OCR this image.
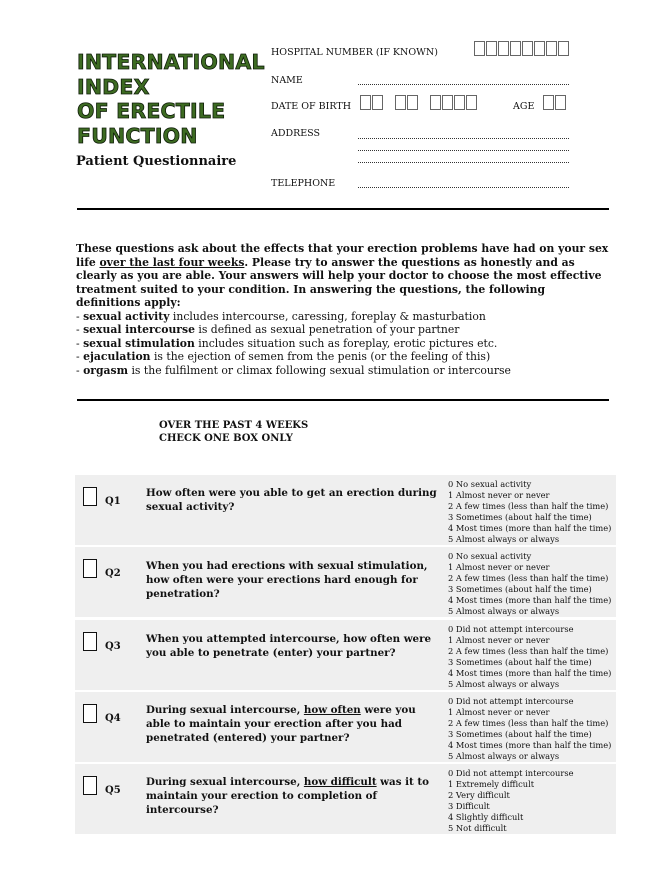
INTERNATIONAL
INDEX
OF ERECTILE
FUNCTION
Patient Questionnaire
HOSPITAL NUMBER (IF KNOWN)
NAME
DATE OF BIRTH	AGE
ADDRESS
TELEPHONE
These questions ask about the effects that your erection problems have had on your sex life over the last four weeks. Please try to answer the questions as honestly and as clearly as you are able. Your answers will help your doctor to choose the most effective treatment suited to your condition. In answering the questions, the following definitions apply:
- sexual activity includes intercourse, caressing, foreplay & masturbation
- sexual intercourse is defined as sexual penetration of your partner
- sexual stimulation includes situation such as foreplay, erotic pictures etc.
- ejaculation is the ejection of semen from the penis (or the feeling of this)
- orgasm is the fulfilment or climax following sexual stimulation or intercourse
OVER THE PAST 4 WEEKS
CHECK ONE BOX ONLY
Q1
How often were you able to get an erection during sexual activity?
0 No sexual activity
1 Almost never or never
2 A few times (less than half the time)
3 Sometimes (about half the time)
4 Most times (more than half the time)
5 Almost always or always
Q2
When you had erections with sexual stimulation, how often were your erections hard enough for penetration?
0 No sexual activity
1 Almost never or never
2 A few times (less than half the time)
3 Sometimes (about half the time)
4 Most times (more than half the time)
5 Almost always or always
Q3
When you attempted intercourse, how often were you able to penetrate (enter) your partner?
0 Did not attempt intercourse
1 Almost never or never
2 A few times (less than half the time)
3 Sometimes (about half the time)
4 Most times (more than half the time)
5 Almost always or always
Q4
During sexual intercourse, how often were you able to maintain your erection after you had penetrated (entered) your partner?
0 Did not attempt intercourse
1 Almost never or never
2 A few times (less than half the time)
3 Sometimes (about half the time)
4 Most times (more than half the time)
5 Almost always or always
Q5
During sexual intercourse, how difficult was it to maintain your erection to completion of intercourse?
0 Did not attempt intercourse
1 Extremely difficult
2 Very difficult
3 Difficult
4 Slightly difficult
5 Not difficult
